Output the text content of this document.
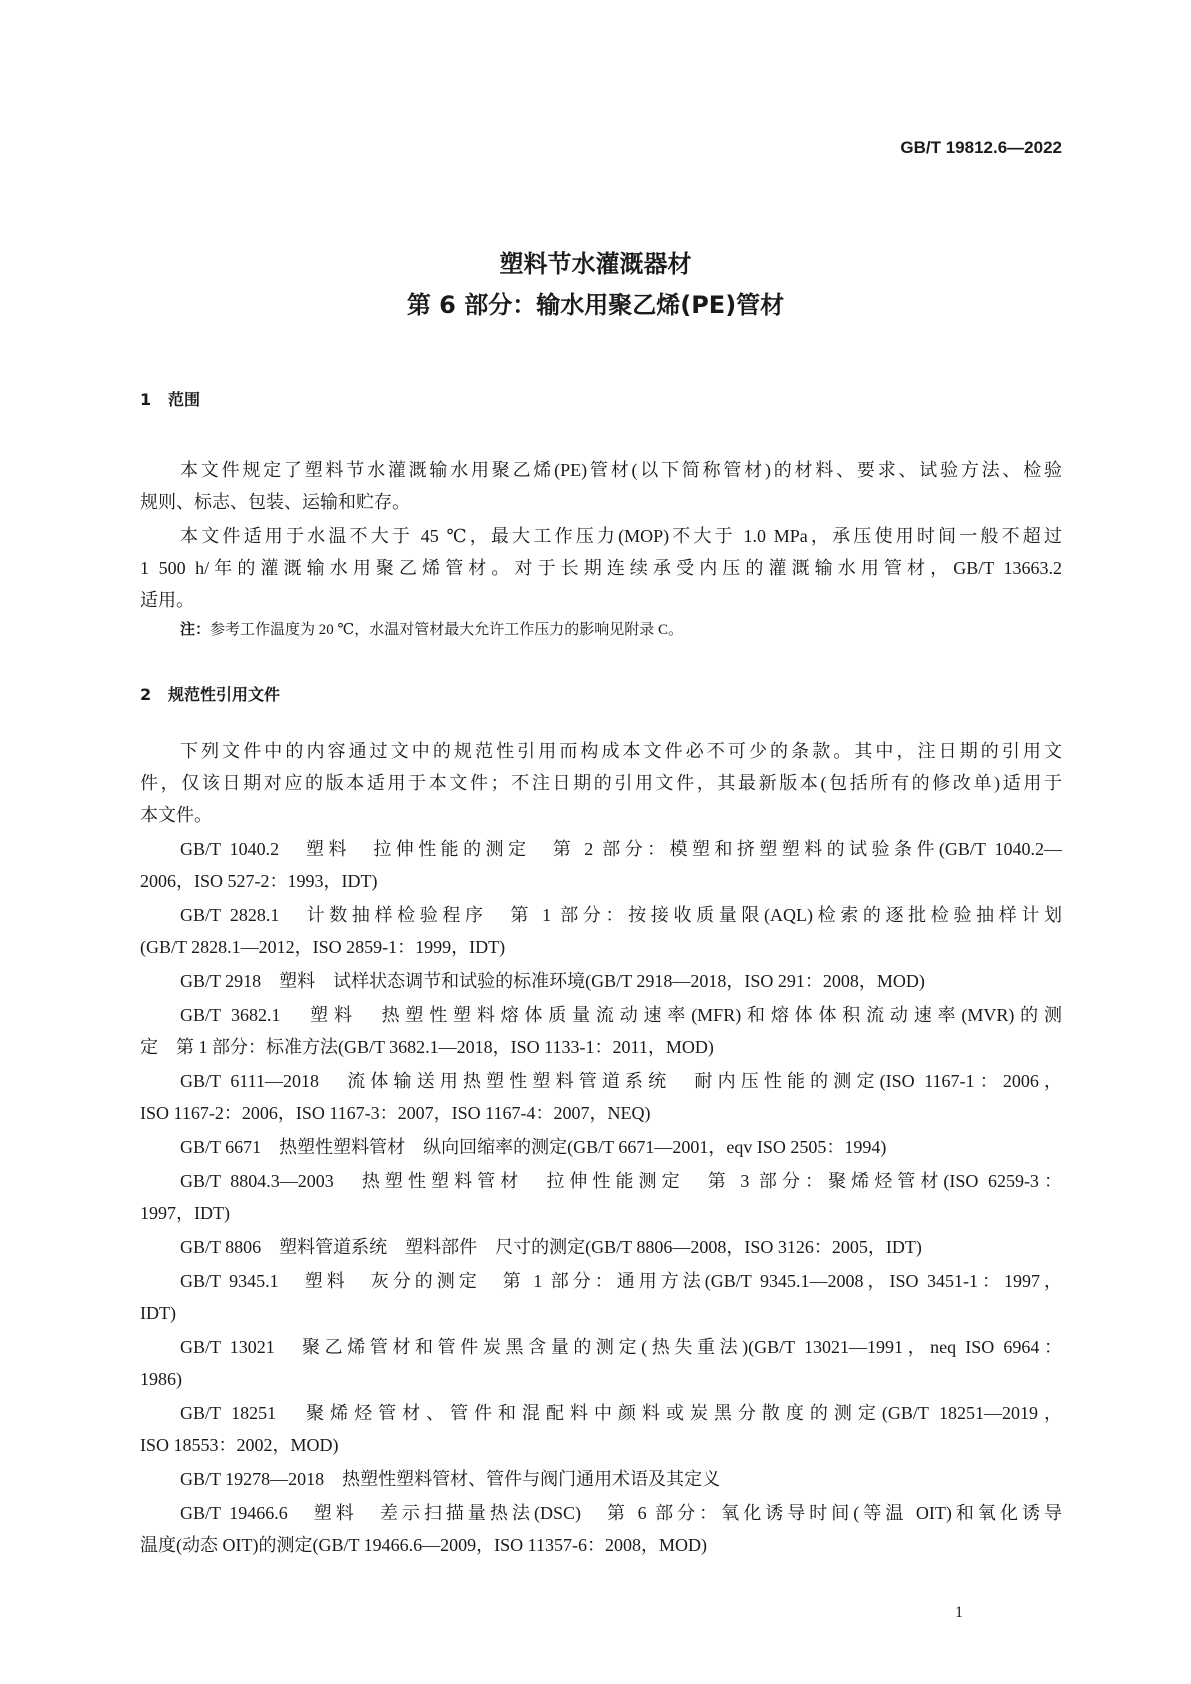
GB/T 19812.6—2022
塑料节水灌溉器材
第 6 部分：输水用聚乙烯(PE)管材
1 范围
本文件规定了塑料节水灌溉输水用聚乙烯(PE)管材(以下简称管材)的材料、要求、试验方法、检验
规则、标志、包装、运输和贮存。
本文件适用于水温不大于 45 ℃，最大工作压力(MOP)不大于 1.0 MPa，承压使用时间一般不超过
1 500 h/年的灌溉输水用聚乙烯管材。对于长期连续承受内压的灌溉输水用管材，GB/T 13663.2
适用。
注：参考工作温度为 20 ℃，水温对管材最大允许工作压力的影响见附录 C。
2 规范性引用文件
下列文件中的内容通过文中的规范性引用而构成本文件必不可少的条款。其中，注日期的引用文
件，仅该日期对应的版本适用于本文件；不注日期的引用文件，其最新版本(包括所有的修改单)适用于
本文件。
GB/T 1040.2　塑料　拉伸性能的测定　第 2 部分：模塑和挤塑塑料的试验条件(GB/T 1040.2—
2006，ISO 527-2：1993，IDT)
GB/T 2828.1　计数抽样检验程序　第 1 部分：按接收质量限(AQL)检索的逐批检验抽样计划
(GB/T 2828.1—2012，ISO 2859-1：1999，IDT)
GB/T 2918　塑料　试样状态调节和试验的标准环境(GB/T 2918—2018，ISO 291：2008，MOD)
GB/T 3682.1　塑料　热塑性塑料熔体质量流动速率(MFR)和熔体体积流动速率(MVR)的测
定　第 1 部分：标准方法(GB/T 3682.1—2018，ISO 1133-1：2011，MOD)
GB/T 6111—2018　流体输送用热塑性塑料管道系统　耐内压性能的测定(ISO 1167-1：2006，
ISO 1167-2：2006，ISO 1167-3：2007，ISO 1167-4：2007，NEQ)
GB/T 6671　热塑性塑料管材　纵向回缩率的测定(GB/T 6671—2001，eqv ISO 2505：1994)
GB/T 8804.3—2003　热塑性塑料管材　拉伸性能测定　第 3 部分：聚烯烃管材(ISO 6259-3：
1997，IDT)
GB/T 8806　塑料管道系统　塑料部件　尺寸的测定(GB/T 8806—2008，ISO 3126：2005，IDT)
GB/T 9345.1　塑料　灰分的测定　第 1 部分：通用方法(GB/T 9345.1—2008，ISO 3451-1：1997，
IDT)
GB/T 13021　聚乙烯管材和管件炭黑含量的测定(热失重法)(GB/T 13021—1991，neq ISO 6964：
1986)
GB/T 18251　聚烯烃管材、管件和混配料中颜料或炭黑分散度的测定(GB/T 18251—2019，
ISO 18553：2002，MOD)
GB/T 19278—2018　热塑性塑料管材、管件与阀门通用术语及其定义
GB/T 19466.6　塑料　差示扫描量热法(DSC)　第 6 部分：氧化诱导时间(等温 OIT)和氧化诱导
温度(动态 OIT)的测定(GB/T 19466.6—2009，ISO 11357-6：2008，MOD)
1
